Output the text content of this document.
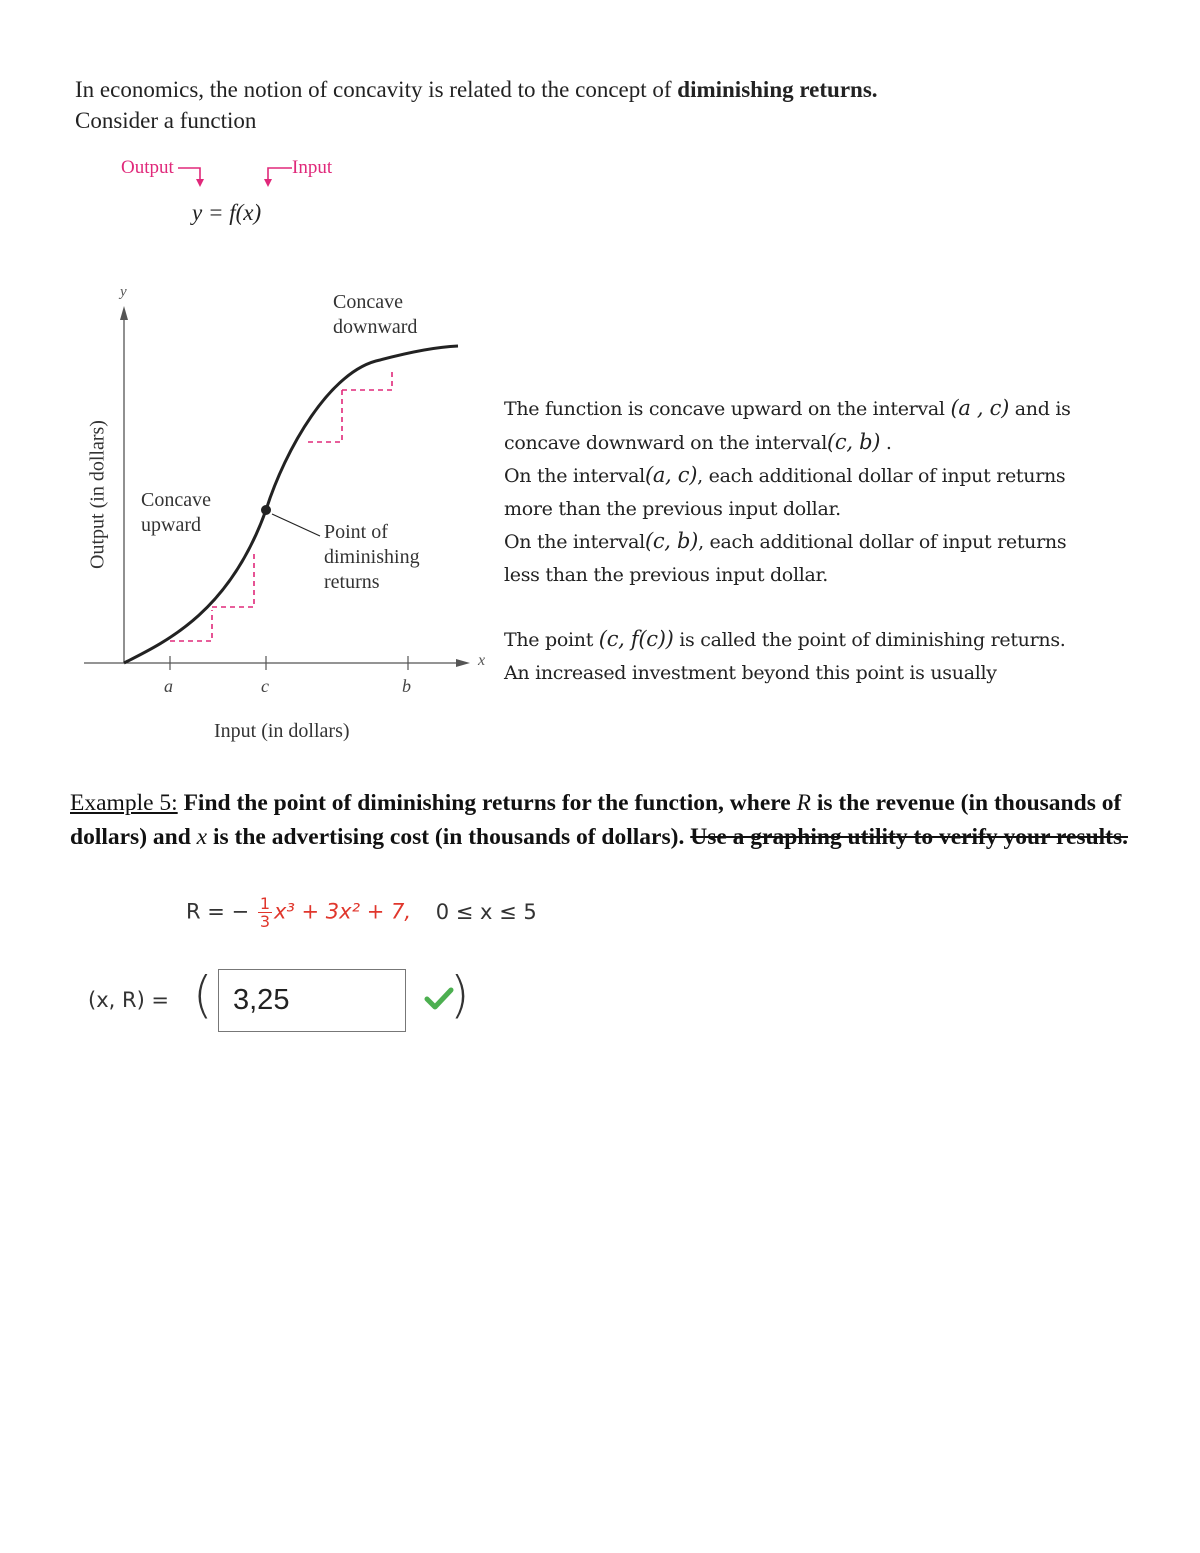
In economics, the notion of concavity is related to the concept of diminishing returns.
Consider a function
Output	Input
y = f(x)
y
x
a	c	b
Input (in dollars)
Output (in dollars)
Concave
downward
Concave
upward	Point of
diminishing
returns

The function is concave upward on the interval (a , c) and is concave downward on the interval(c, b) .

On the interval(a, c), each additional dollar of input returns more than the previous input dollar.

On the interval(c, b), each additional dollar of input returns less than the previous input dollar.

The point (c, f(c)) is called the point of diminishing returns.

An increased investment beyond this point is usually

Example 5: Find the point of diminishing returns for the function, where R is the revenue (in thousands of dollars) and x is the advertising cost (in thousands of dollars). Use a graphing utility to verify your results.
R = − $\frac{1}{3} x^3 + 3x^2 + 7$, 0 ≤ x ≤ 5
(x, R) = ( 3,25	)
